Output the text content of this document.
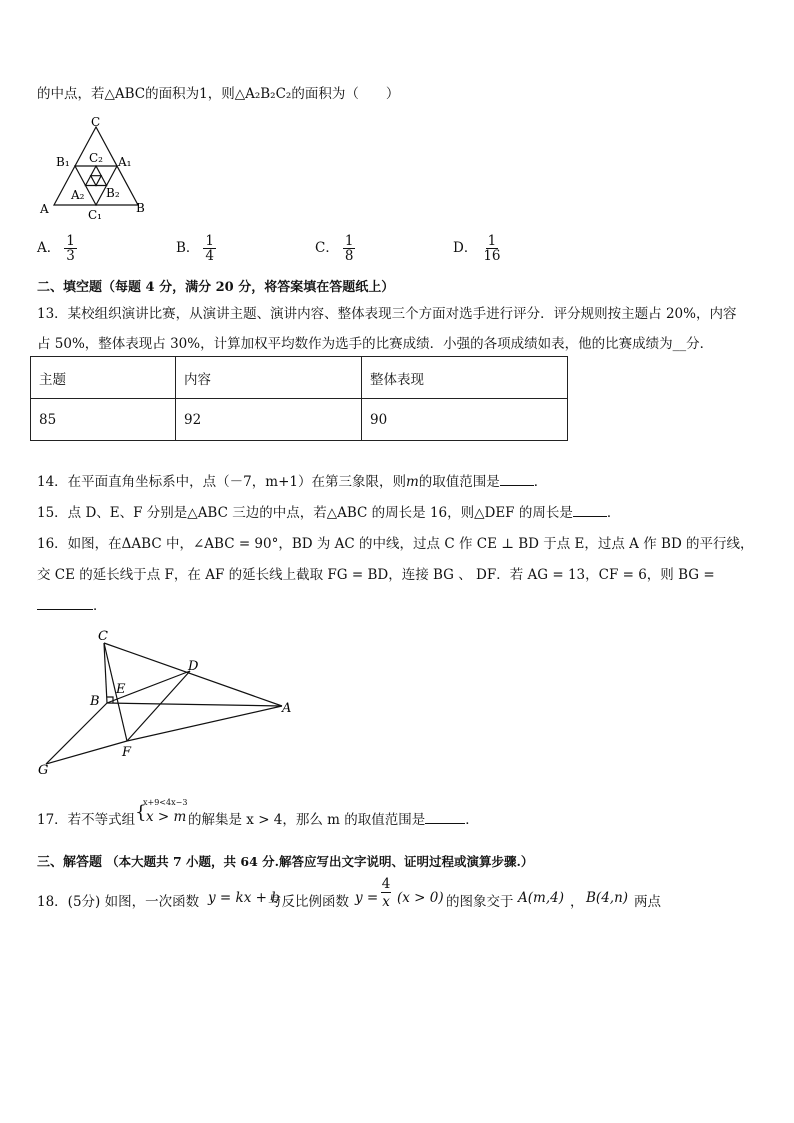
的中点，若△ABC的面积为1，则△A₂B₂C₂的面积为（　　）
C
B₁ C₂ A₁
A₂ B₂
A	C₁	B
A． $\frac{1}{3}$	B． $\frac{1}{4}$	C． $\frac{1}{8}$	D． $\frac{1}{16}$
二、填空题（每题 4 分，满分 20 分，将答案填在答题纸上）
13．某校组织演讲比赛，从演讲主题、演讲内容、整体表现三个方面对选手进行评分．评分规则按主题占 20%，内容
占 50%，整体表现占 30%，计算加权平均数作为选手的比赛成绩．小强的各项成绩如表，他的比赛成绩为__分．
主题	内容	整体表现
85	92	90
14．在平面直角坐标系中，点（－7，m+1）在第三象限，则m的取值范围是	．
15．点 D、E、F 分别是△ABC 三边的中点，若△ABC 的周长是 16，则△DEF 的周长是	．
16．如图，在ΔABC 中，∠ABC = 90°，BD 为 AC 的中线，过点 C 作 CE ⊥ BD 于点 E，过点 A 作 BD 的平行线，
交 CE 的延长线于点 F，在 AF 的延长线上截取 FG = BD，连接 BG 、 DF．若 AG = 13，CF = 6，则 BG =
．
C
D
B
E
A
F
G
17．若不等式组 {
x+9<4x−3
x > m 的解集是 x > 4，那么 m 的取值范围是	．
三、解答题 （本大题共 7 小题，共 64 分.解答应写出文字说明、证明过程或演算步骤.）
18．(5分) 如图，一次函数 y = kx + b
与反比例函数 y =
4
x (x > 0) 的图象交于 A(m,4) ， B(4,n) 两点
